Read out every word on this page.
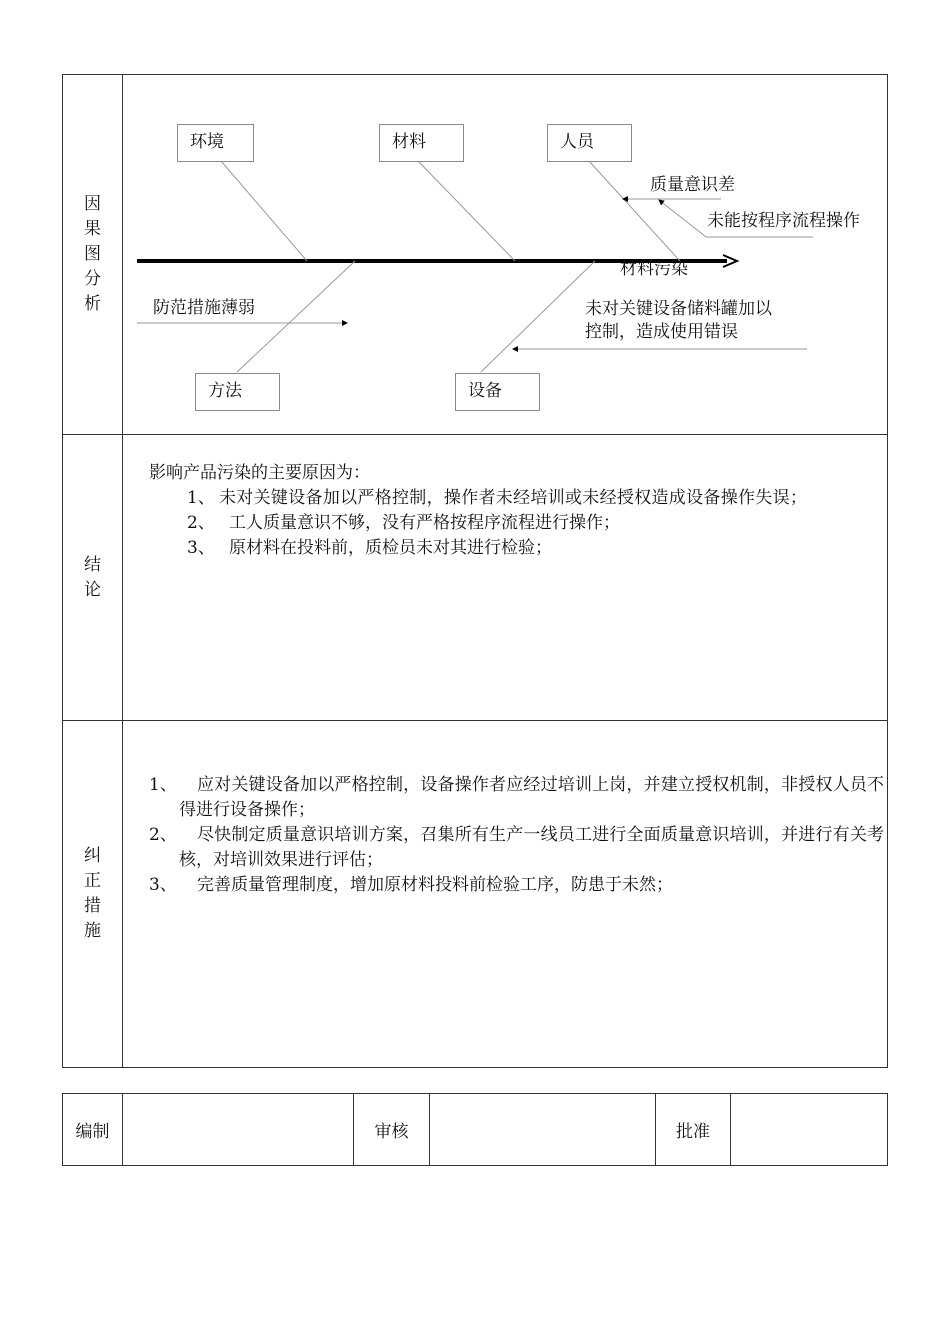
因
果
图
分
析
环境	材料	人员
方法	设备
质量意识差
未能按程序流程操作
材料污染
防范措施薄弱	未对关键设备储料罐加以
控制，造成使用错误
结
论
影响产品污染的主要原因为：
1、 未对关键设备加以严格控制，操作者未经培训或未经授权造成设备操作失误；
2、 工人质量意识不够，没有严格按程序流程进行操作；
3、 原材料在投料前，质检员未对其进行检验；
纠
正
措
施
1、 应对关键设备加以严格控制，设备操作者应经过培训上岗，并建立授权机制，非授权人员不得进行设备操作；
2、 尽快制定质量意识培训方案，召集所有生产一线员工进行全面质量意识培训，并进行有关考核，对培训效果进行评估；
3、 完善质量管理制度，增加原材料投料前检验工序，防患于未然；
编制	审核	批准
